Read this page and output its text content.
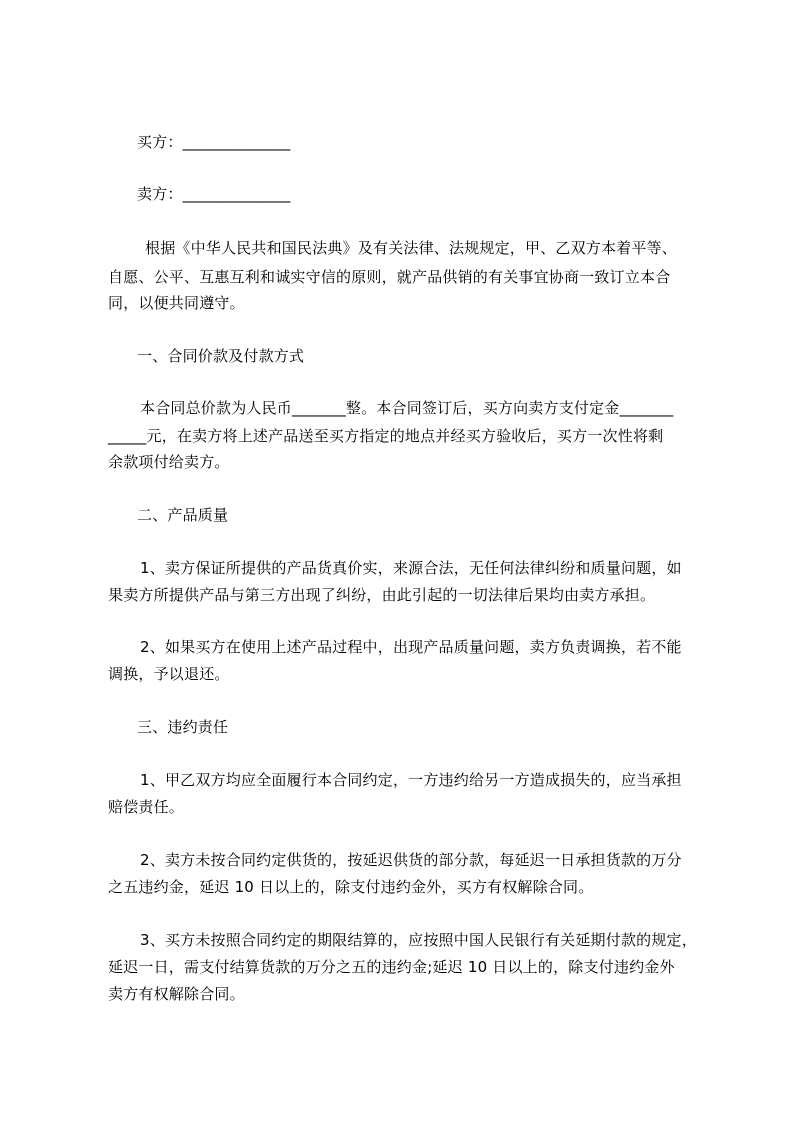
买方：______________
卖方：______________
根据《中华人民共和国民法典》及有关法律、法规规定，甲、乙双方本着平等、
自愿、公平、互惠互利和诚实守信的原则，就产品供销的有关事宜协商一致订立本合
同，以便共同遵守。
一、合同价款及付款方式
本合同总价款为人民币_______整。本合同签订后，买方向卖方支付定金_______
_____元，在卖方将上述产品送至买方指定的地点并经买方验收后，买方一次性将剩
余款项付给卖方。
二、产品质量
1、卖方保证所提供的产品货真价实，来源合法，无任何法律纠纷和质量问题，如
果卖方所提供产品与第三方出现了纠纷，由此引起的一切法律后果均由卖方承担。
2、如果买方在使用上述产品过程中，出现产品质量问题，卖方负责调换，若不能
调换，予以退还。
三、违约责任
1、甲乙双方均应全面履行本合同约定，一方违约给另一方造成损失的，应当承担
赔偿责任。
2、卖方未按合同约定供货的，按延迟供货的部分款，每延迟一日承担货款的万分
之五违约金，延迟 10 日以上的，除支付违约金外，买方有权解除合同。
3、买方未按照合同约定的期限结算的，应按照中国人民银行有关延期付款的规定，
延迟一日，需支付结算货款的万分之五的违约金;延迟 10 日以上的，除支付违约金外
卖方有权解除合同。
